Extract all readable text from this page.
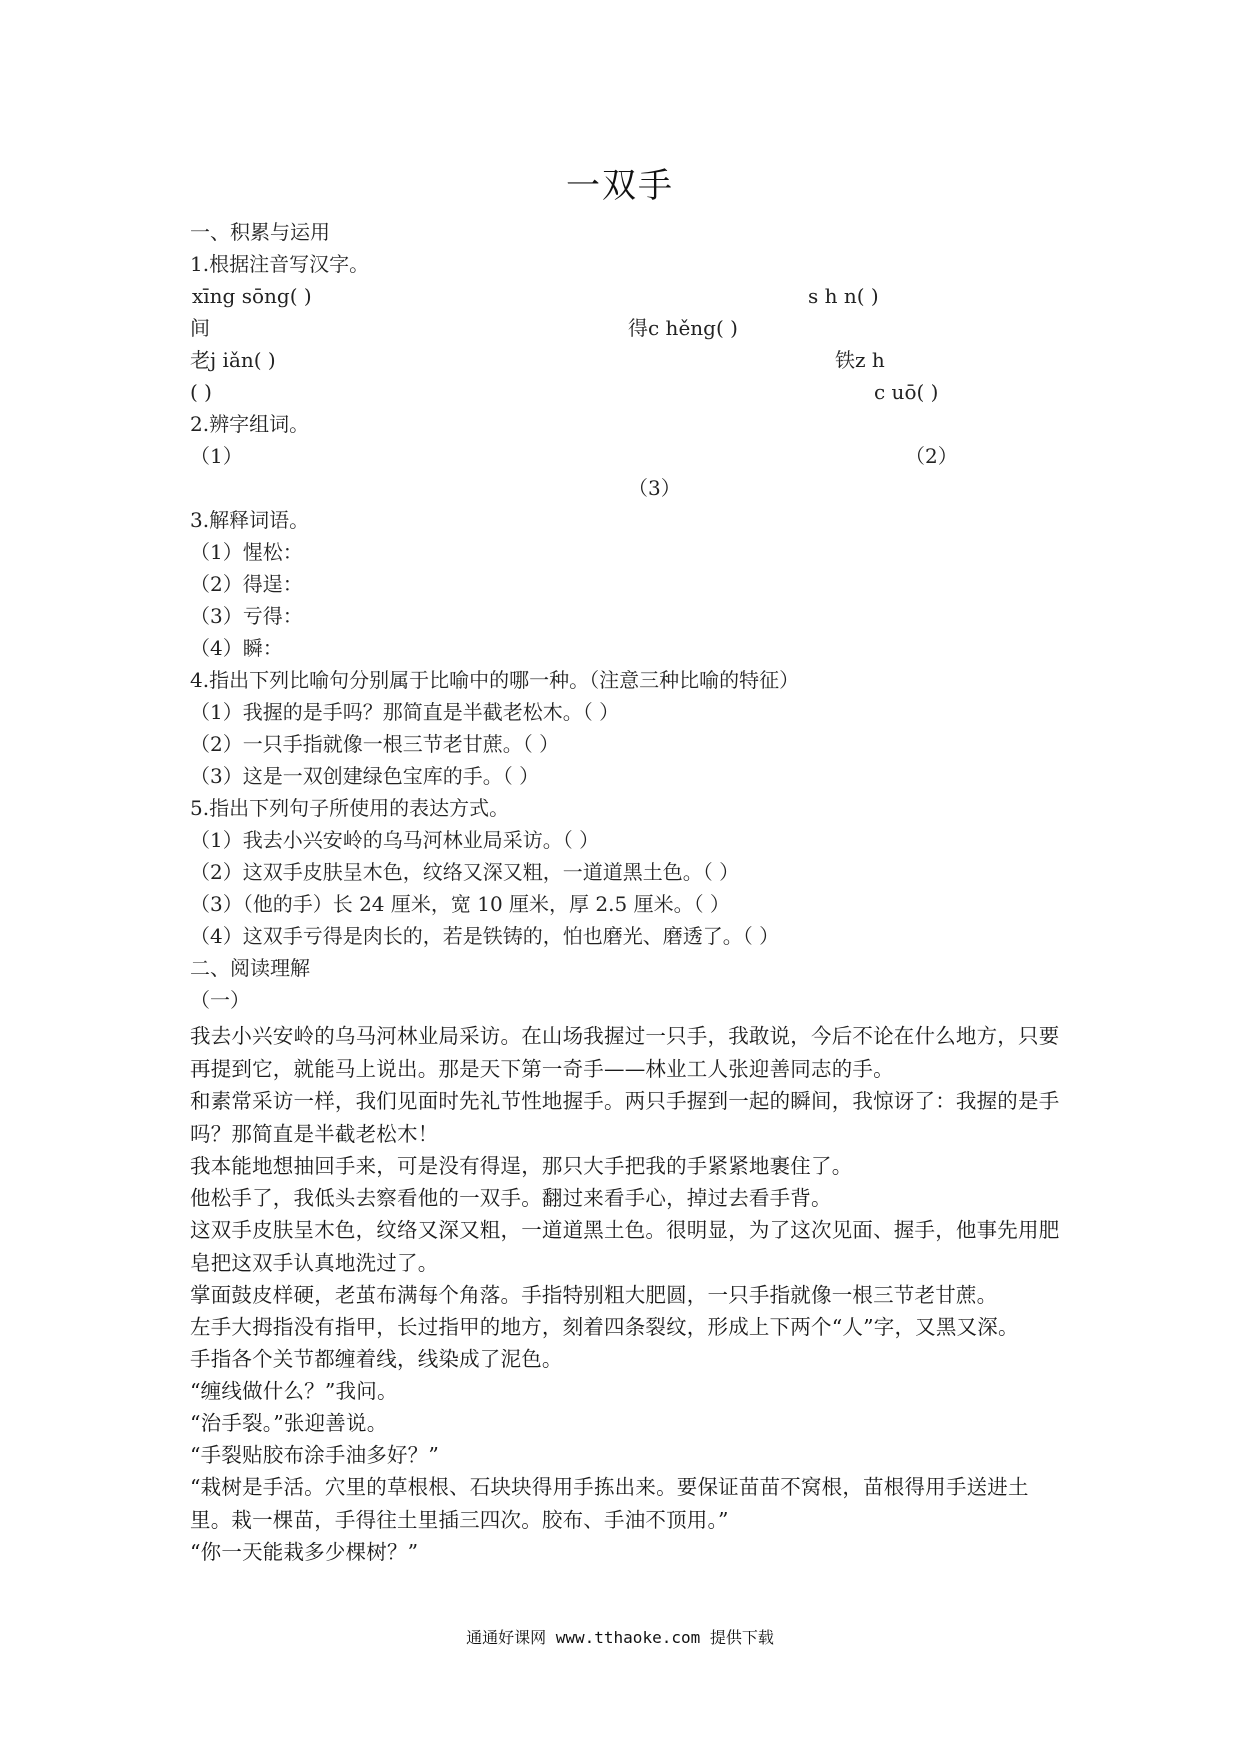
一双手
一、积累与运用
1.根据注音写汉字。
xīng sōng( )	s h n( )
间	得c hěng( )
老j iǎn( )	铁z h
( )	c uō( )
2.辨字组词。
（1）	（2）
（3）
3.解释词语。
（1）惺松：
（2）得逞：
（3）亏得：
（4）瞬：
4.指出下列比喻句分别属于比喻中的哪一种。（注意三种比喻的特征）
（1）我握的是手吗？那简直是半截老松木。（ ）
（2）一只手指就像一根三节老甘蔗。（ ）
（3）这是一双创建绿色宝库的手。（ ）
5.指出下列句子所使用的表达方式。
（1）我去小兴安岭的乌马河林业局采访。（ ）
（2）这双手皮肤呈木色，纹络又深又粗，一道道黑土色。（ ）
（3）（他的手）长 24 厘米，宽 10 厘米，厚 2.5 厘米。（ ）
（4）这双手亏得是肉长的，若是铁铸的，怕也磨光、磨透了。（ ）
二、阅读理解
（一）
我去小兴安岭的乌马河林业局采访。在山场我握过一只手，我敢说，今后不论在什么地方，只要再提到它，就能马上说出。那是天下第一奇手——林业工人张迎善同志的手。
和素常采访一样，我们见面时先礼节性地握手。两只手握到一起的瞬间，我惊讶了：我握的是手吗？那简直是半截老松木！
我本能地想抽回手来，可是没有得逞，那只大手把我的手紧紧地裹住了。
他松手了，我低头去察看他的一双手。翻过来看手心，掉过去看手背。
这双手皮肤呈木色，纹络又深又粗，一道道黑土色。很明显，为了这次见面、握手，他事先用肥皂把这双手认真地洗过了。
掌面鼓皮样硬，老茧布满每个角落。手指特别粗大肥圆，一只手指就像一根三节老甘蔗。
左手大拇指没有指甲，长过指甲的地方，刻着四条裂纹，形成上下两个“人”字，又黑又深。
手指各个关节都缠着线，线染成了泥色。
“缠线做什么？”我问。
“治手裂。”张迎善说。
“手裂贴胶布涂手油多好？”
“栽树是手活。穴里的草根根、石块块得用手拣出来。要保证苗苗不窝根，苗根得用手送进土里。栽一棵苗，手得往土里插三四次。胶布、手油不顶用。”
“你一天能栽多少棵树？”
通通好课网 www.tthaoke.com 提供下载
